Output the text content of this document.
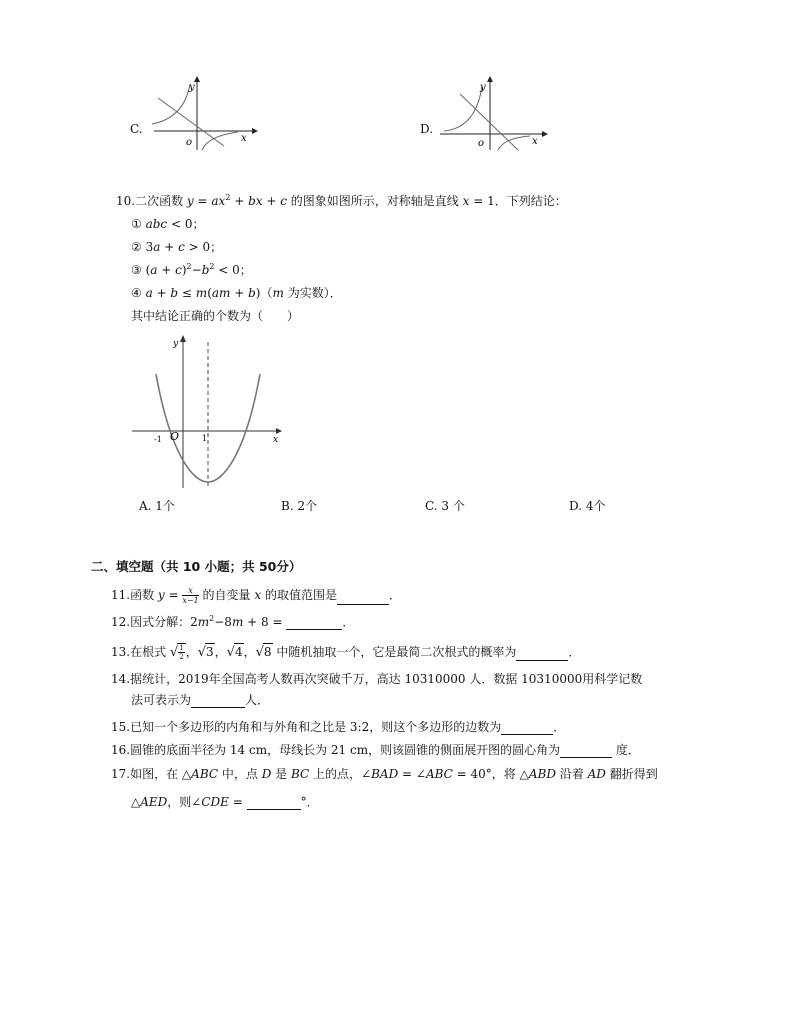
C.
y
o	x
D.
y
o	x
10.二次函数 $y = ax^2$ + bx + c 的图象如图所示，对称轴是直线 x = 1．下列结论：
① abc < 0；
② 3a + c > 0；
③ $(a + c)^2-b^2 < 0$；
④ a + b ≤ m(am + b)（m 为实数）．
其中结论正确的个数为（　　）
y
x
O
-1	1
A. 1个	B. 2个	C. 3 个	D. 4个
二、填空题（共 10 小题；共 50分）
11.函数 $y = \frac{x}{x-1}$ 的自变量 x 的取值范围是	．
12.因式分解：$2m^2-8m + 8$ =	．
13.在根式 √ $\frac{1}{2}$ ，√3，√4，√8 中随机抽取一个，它是最简二次根式的概率为	．
14.据统计，2019年全国高考人数再次突破千万，高达 10310000 人．数据 10310000用科学记数
法可表示为	人．
15.已知一个多边形的内角和与外角和之比是 3:2，则这个多边形的边数为	．
16.圆锥的底面半径为 14 cm，母线长为 21 cm，则该圆锥的侧面展开图的圆心角为	度．
17.如图，在 △ABC 中，点 D 是 BC 上的点，∠BAD = ∠ABC = 40°，将 △ABD 沿着 AD 翻折得到
△AED，则∠CDE =	°．
